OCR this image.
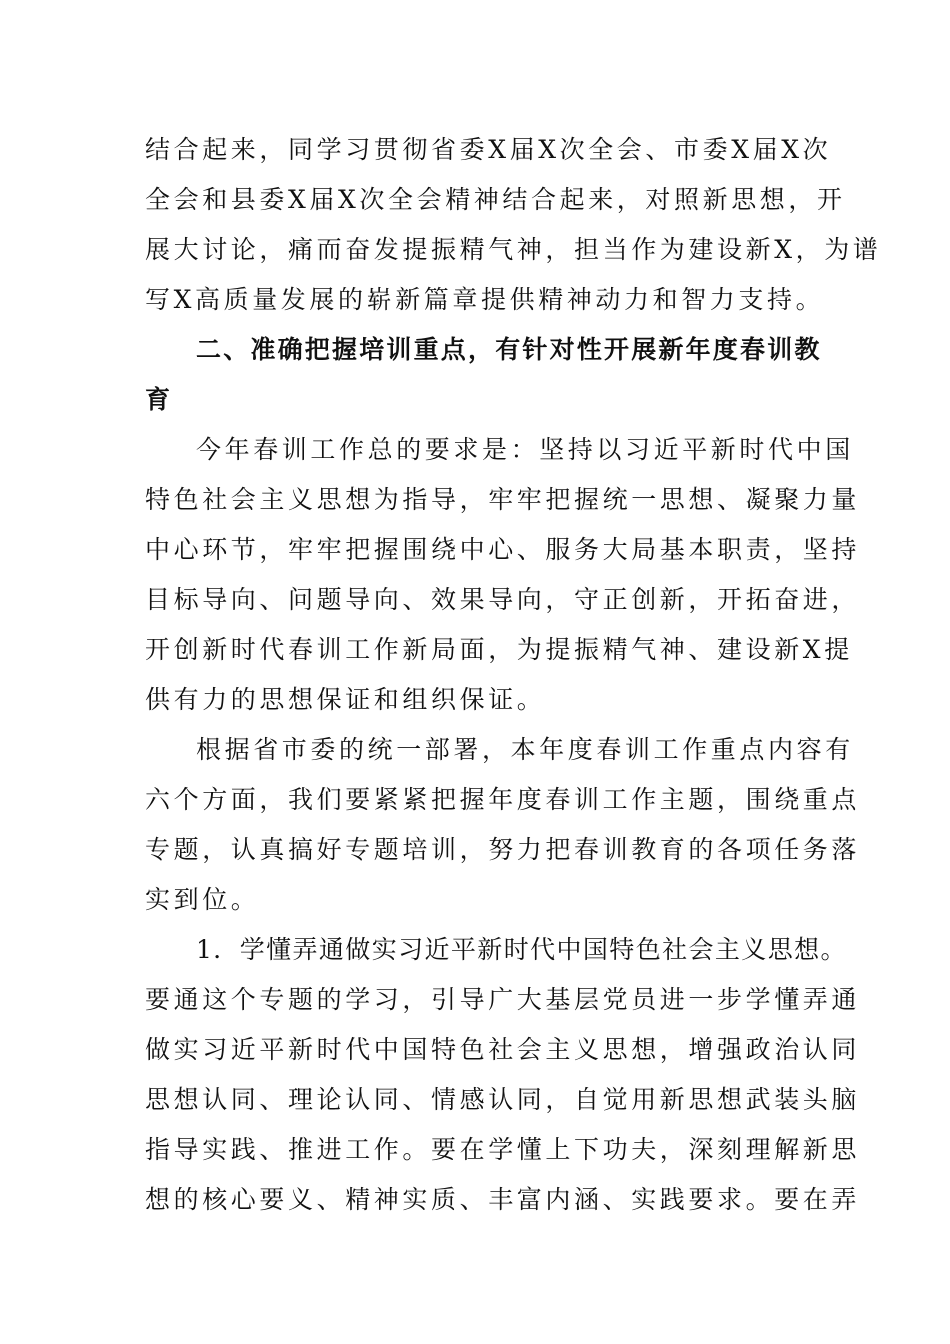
结合起来，同学习贯彻省委X届X次全会、市委X届X次
全会和县委X届X次全会精神结合起来，对照新思想，开
展大讨论，痛而奋发提振精气神，担当作为建设新X，为谱
写X高质量发展的崭新篇章提供精神动力和智力支持。
二、准确把握培训重点，有针对性开展新年度春训教
育
今年春训工作总的要求是：坚持以习近平新时代中国
特色社会主义思想为指导，牢牢把握统一思想、凝聚力量
中心环节，牢牢把握围绕中心、服务大局基本职责，坚持
目标导向、问题导向、效果导向，守正创新，开拓奋进，
开创新时代春训工作新局面，为提振精气神、建设新X提
供有力的思想保证和组织保证。
根据省市委的统一部署，本年度春训工作重点内容有
六个方面，我们要紧紧把握年度春训工作主题，围绕重点
专题，认真搞好专题培训，努力把春训教育的各项任务落
实到位。
1．学懂弄通做实习近平新时代中国特色社会主义思想。
要通这个专题的学习，引导广大基层党员进一步学懂弄通
做实习近平新时代中国特色社会主义思想，增强政治认同
思想认同、理论认同、情感认同，自觉用新思想武装头脑
指导实践、推进工作。要在学懂上下功夫，深刻理解新思
想的核心要义、精神实质、丰富内涵、实践要求。要在弄
